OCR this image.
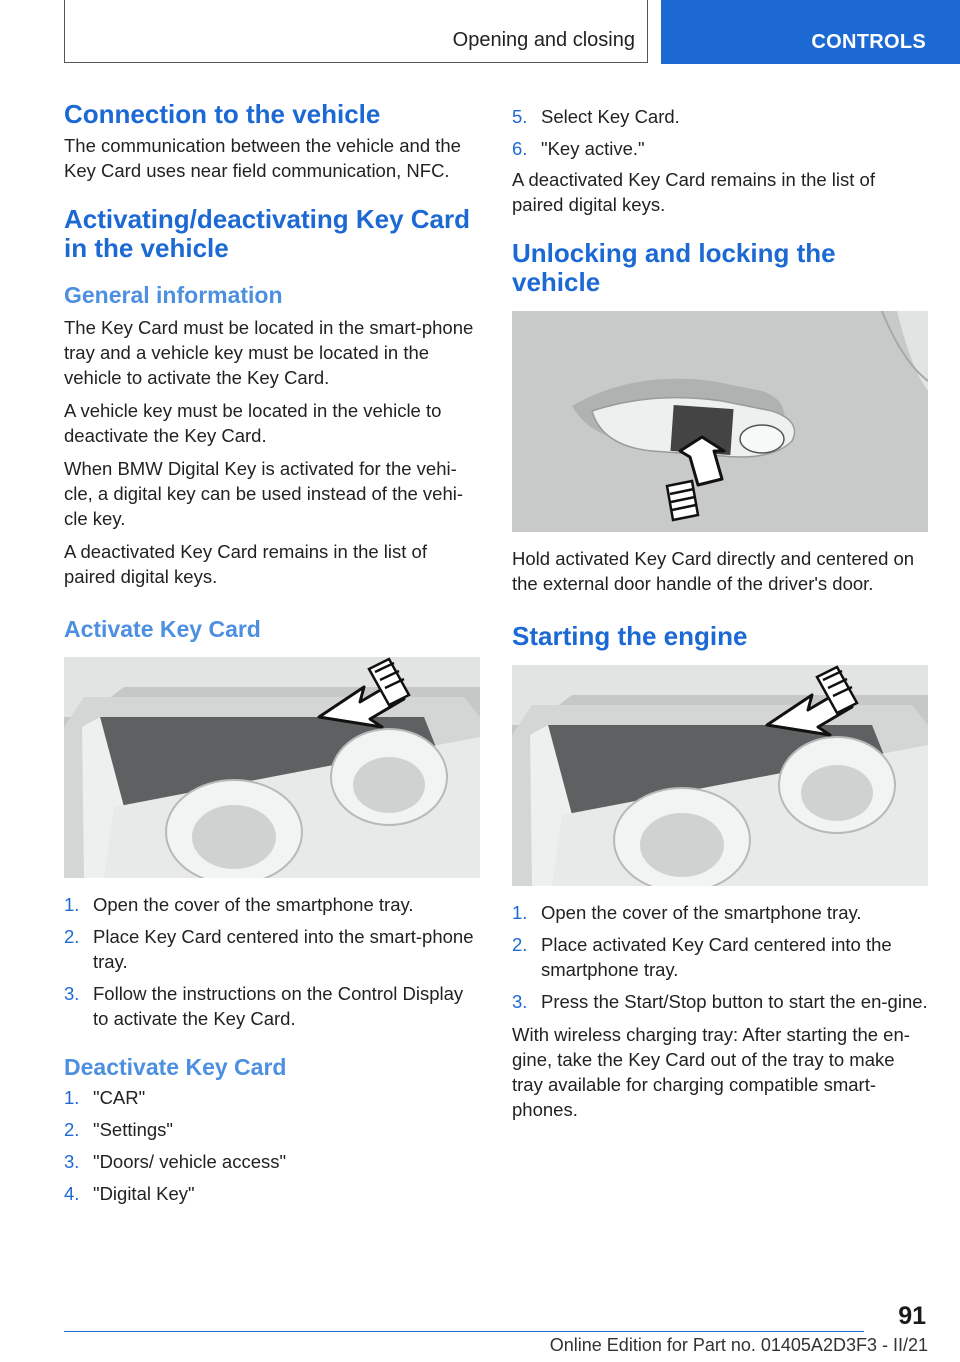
Opening and closing	CONTROLS
Connection to the vehicle

The communication between the vehicle and the Key Card uses near field communication, NFC.

Activating/deactivating Key Card in the vehicle
General information

The Key Card must be located in the smart-phone tray and a vehicle key must be located in the vehicle to activate the Key Card.

A vehicle key must be located in the vehicle to deactivate the Key Card.

When BMW Digital Key is activated for the vehi-cle, a digital key can be used instead of the vehi-cle key.

A deactivated Key Card remains in the list of paired digital keys.

Activate Key Card
1. Open the cover of the smartphone tray.
2. Place Key Card centered into the smart-phone tray.
3. Follow the instructions on the Control Display to activate the Key Card.
Deactivate Key Card
1. "CAR"
2. "Settings"
3. "Doors/ vehicle access"
4. "Digital Key"
5. Select Key Card.
6. "Key active."

A deactivated Key Card remains in the list of paired digital keys.

Unlocking and locking the vehicle

Hold activated Key Card directly and centered on the external door handle of the driver's door.

Starting the engine
1. Open the cover of the smartphone tray.
2. Place activated Key Card centered into the smartphone tray.
3. Press the Start/Stop button to start the en-gine.

With wireless charging tray: After starting the en-gine, take the Key Card out of the tray to make tray available for charging compatible smart-phones.

91
Online Edition for Part no. 01405A2D3F3 - II/21
